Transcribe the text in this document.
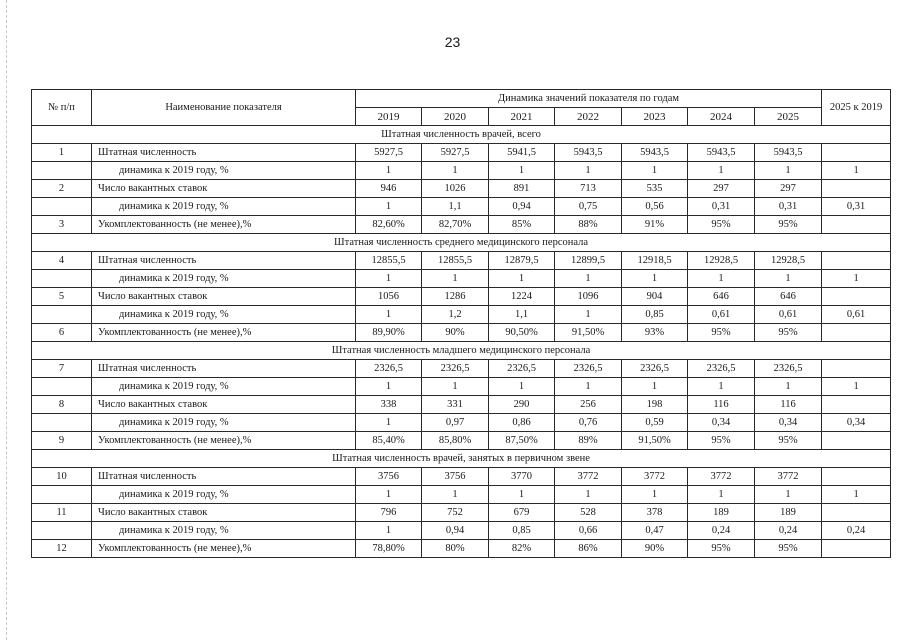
23
№ п/п	Наименование показателя	Динамика значений показателя по годам							2025 к 2019
		2019	2020	2021	2022	2023	2024	2025	
Штатная численность врачей, всего									
1	Штатная численность	5927,5	5927,5	5941,5	5943,5	5943,5	5943,5	5943,5	
	динамика к 2019 году, %	1	1	1	1	1	1	1	1
2	Число вакантных ставок	946	1026	891	713	535	297	297	
	динамика к 2019 году, %	1	1,1	0,94	0,75	0,56	0,31	0,31	0,31
3	Укомплектованность (не менее),%	82,60%	82,70%	85%	88%	91%	95%	95%	
Штатная численность среднего медицинского персонала									
4	Штатная численность	12855,5	12855,5	12879,5	12899,5	12918,5	12928,5	12928,5	
	динамика к 2019 году, %	1	1	1	1	1	1	1	1
5	Число вакантных ставок	1056	1286	1224	1096	904	646	646	
	динамика к 2019 году, %	1	1,2	1,1	1	0,85	0,61	0,61	0,61
6	Укомплектованность (не менее),%	89,90%	90%	90,50%	91,50%	93%	95%	95%	
Штатная численность младшего медицинского персонала									
7	Штатная численность	2326,5	2326,5	2326,5	2326,5	2326,5	2326,5	2326,5	
	динамика к 2019 году, %	1	1	1	1	1	1	1	1
8	Число вакантных ставок	338	331	290	256	198	116	116	
	динамика к 2019 году, %	1	0,97	0,86	0,76	0,59	0,34	0,34	0,34
9	Укомплектованность (не менее),%	85,40%	85,80%	87,50%	89%	91,50%	95%	95%	
Штатная численность врачей, занятых в первичном звене									
10	Штатная численность	3756	3756	3770	3772	3772	3772	3772	
	динамика к 2019 году, %	1	1	1	1	1	1	1	1
11	Число вакантных ставок	796	752	679	528	378	189	189	
	динамика к 2019 году, %	1	0,94	0,85	0,66	0,47	0,24	0,24	0,24
12	Укомплектованность (не менее),%	78,80%	80%	82%	86%	90%	95%	95%	
